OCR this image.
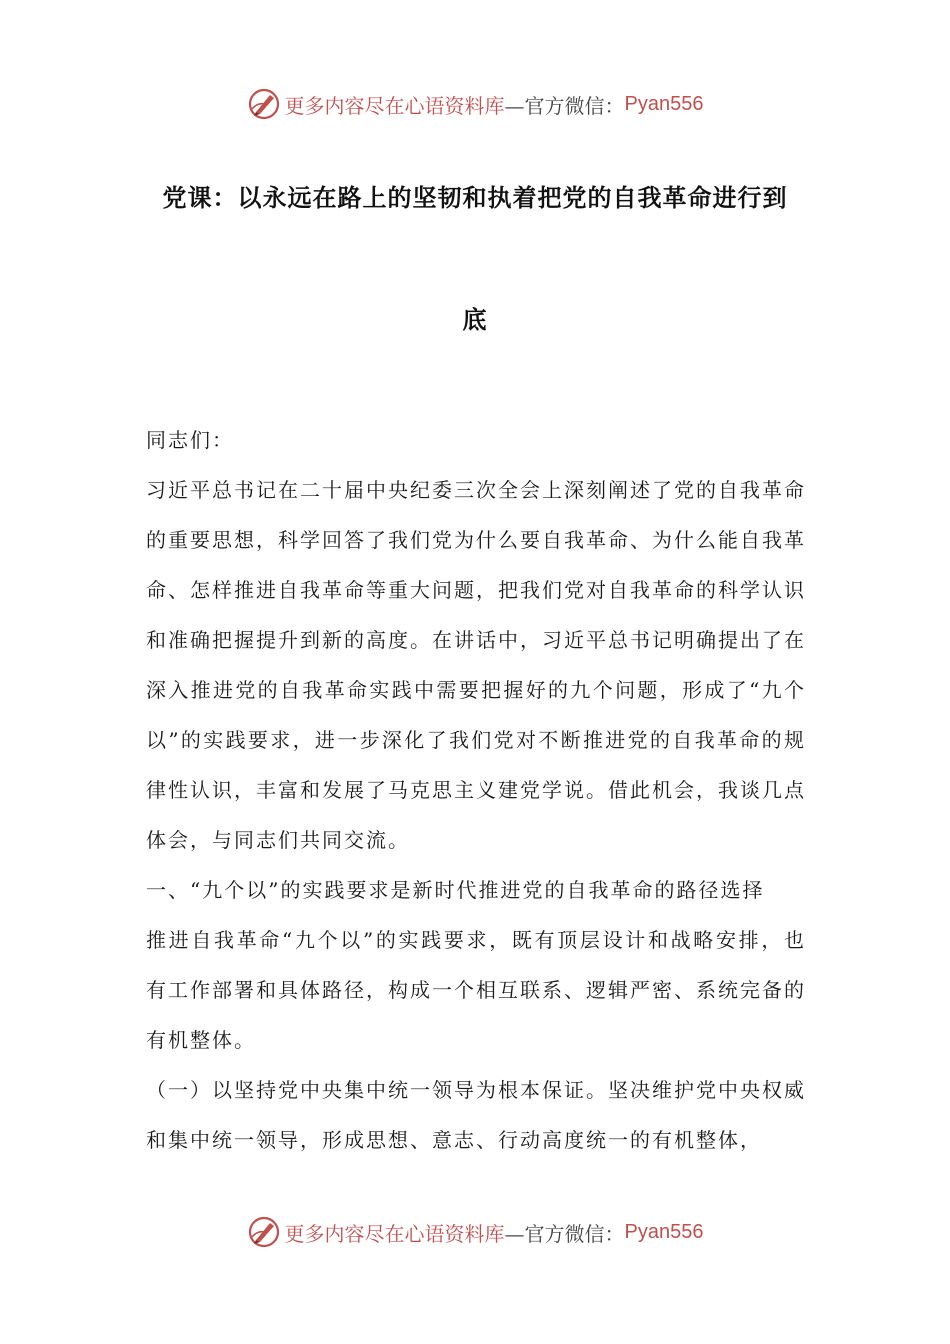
更多内容尽在心语资料库 —官方微信： Pyan556
党课：以永远在路上的坚韧和执着把党的自我革命进行到
底

同志们：

习近平总书记在二十届中央纪委三次全会上深刻阐述了党的自我革命的重要思想，科学回答了我们党为什么要自我革命、为什么能自我革命、怎样推进自我革命等重大问题，把我们党对自我革命的科学认识和准确把握提升到新的高度。在讲话中，习近平总书记明确提出了在深入推进党的自我革命实践中需要把握好的九个问题，形成了“九个以”的实践要求，进一步深化了我们党对不断推进党的自我革命的规律性认识，丰富和发展了马克思主义建党学说。借此机会，我谈几点体会，与同志们共同交流。

一、“九个以”的实践要求是新时代推进党的自我革命的路径选择

推进自我革命“九个以”的实践要求，既有顶层设计和战略安排，也有工作部署和具体路径，构成一个相互联系、逻辑严密、系统完备的有机整体。

（一）以坚持党中央集中统一领导为根本保证。坚决维护党中央权威和集中统一领导，形成思想、意志、行动高度统一的有机整体，

更多内容尽在心语资料库 —官方微信： Pyan556
